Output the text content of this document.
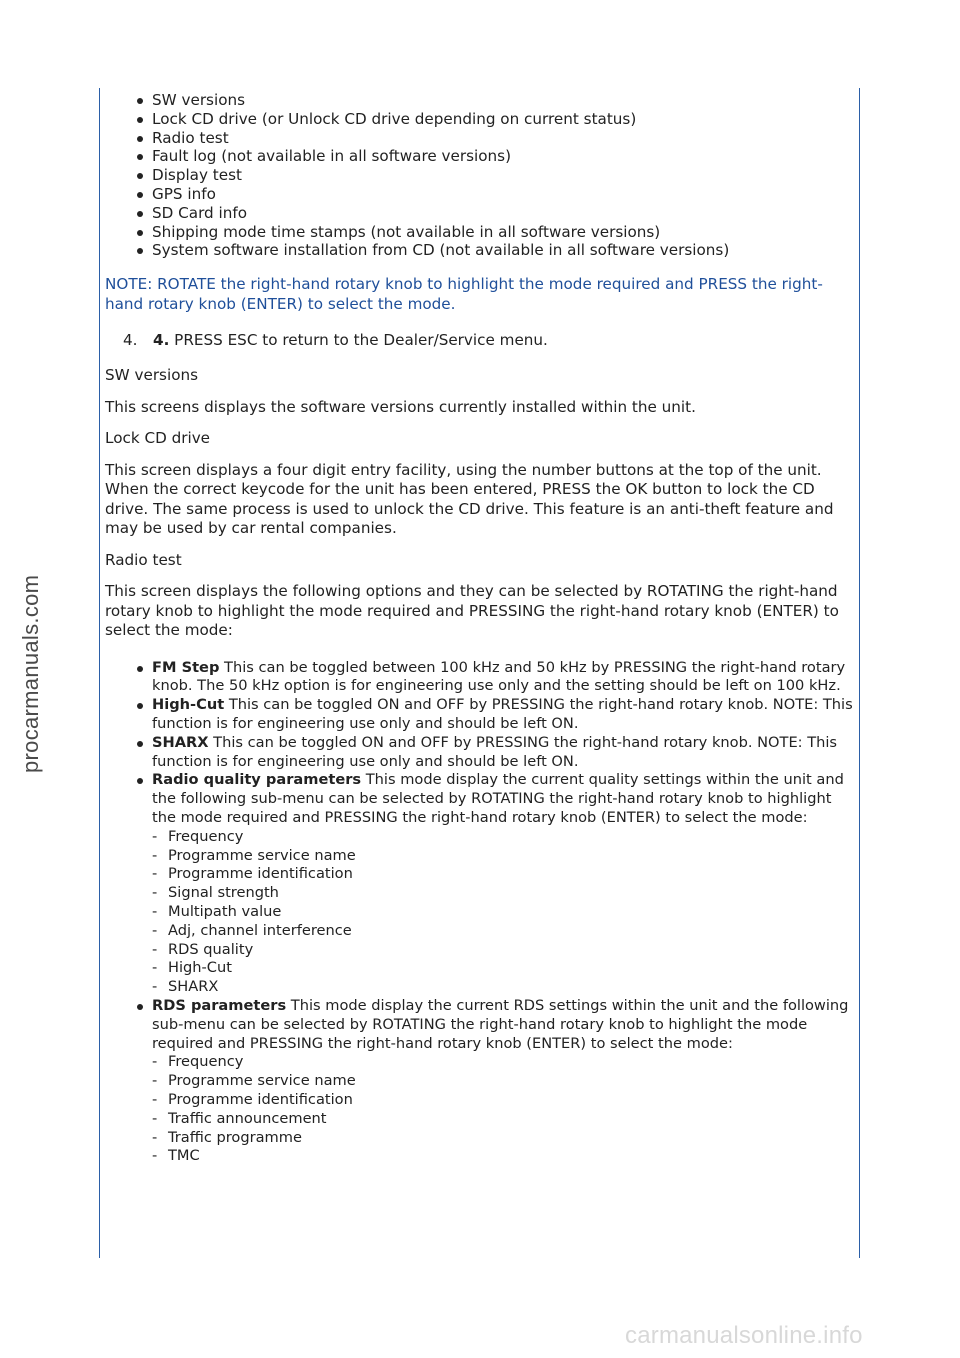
procarmanuals.com
carmanualsonline.info
SW versions
Lock CD drive (or Unlock CD drive depending on current status)
Radio test
Fault log (not available in all software versions)
Display test
GPS info
SD Card info
Shipping mode time stamps (not available in all software versions)
System software installation from CD (not available in all software versions)

NOTE: ROTATE the right-hand rotary knob to highlight the mode required and PRESS the right-hand rotary knob (ENTER) to select the mode.

4. 4. PRESS ESC to return to the Dealer/Service menu.

SW versions

This screens displays the software versions currently installed within the unit.

Lock CD drive

This screen displays a four digit entry facility, using the number buttons at the top of the unit. When the correct keycode for the unit has been entered, PRESS the OK button to lock the CD drive. The same process is used to unlock the CD drive. This feature is an anti-theft feature and may be used by car rental companies.

Radio test

This screen displays the following options and they can be selected by ROTATING the right-hand rotary knob to highlight the mode required and PRESSING the right-hand rotary knob (ENTER) to select the mode:

FM Step This can be toggled between 100 kHz and 50 kHz by PRESSING the right-hand rotary knob. The 50 kHz option is for engineering use only and the setting should be left on 100 kHz.
High-Cut This can be toggled ON and OFF by PRESSING the right-hand rotary knob. NOTE: This function is for engineering use only and should be left ON.
SHARX This can be toggled ON and OFF by PRESSING the right-hand rotary knob. NOTE: This function is for engineering use only and should be left ON.
Radio quality parameters This mode display the current quality settings within the unit and the following sub-menu can be selected by ROTATING the right-hand rotary knob to highlight the mode required and PRESSING the right-hand rotary knob (ENTER) to select the mode:
- Frequency
- Programme service name
- Programme identification
- Signal strength
- Multipath value
- Adj, channel interference
- RDS quality
- High-Cut
- SHARX
RDS parameters This mode display the current RDS settings within the unit and the following sub-menu can be selected by ROTATING the right-hand rotary knob to highlight the mode required and PRESSING the right-hand rotary knob (ENTER) to select the mode:
- Frequency
- Programme service name
- Programme identification
- Traffic announcement
- Traffic programme
- TMC
